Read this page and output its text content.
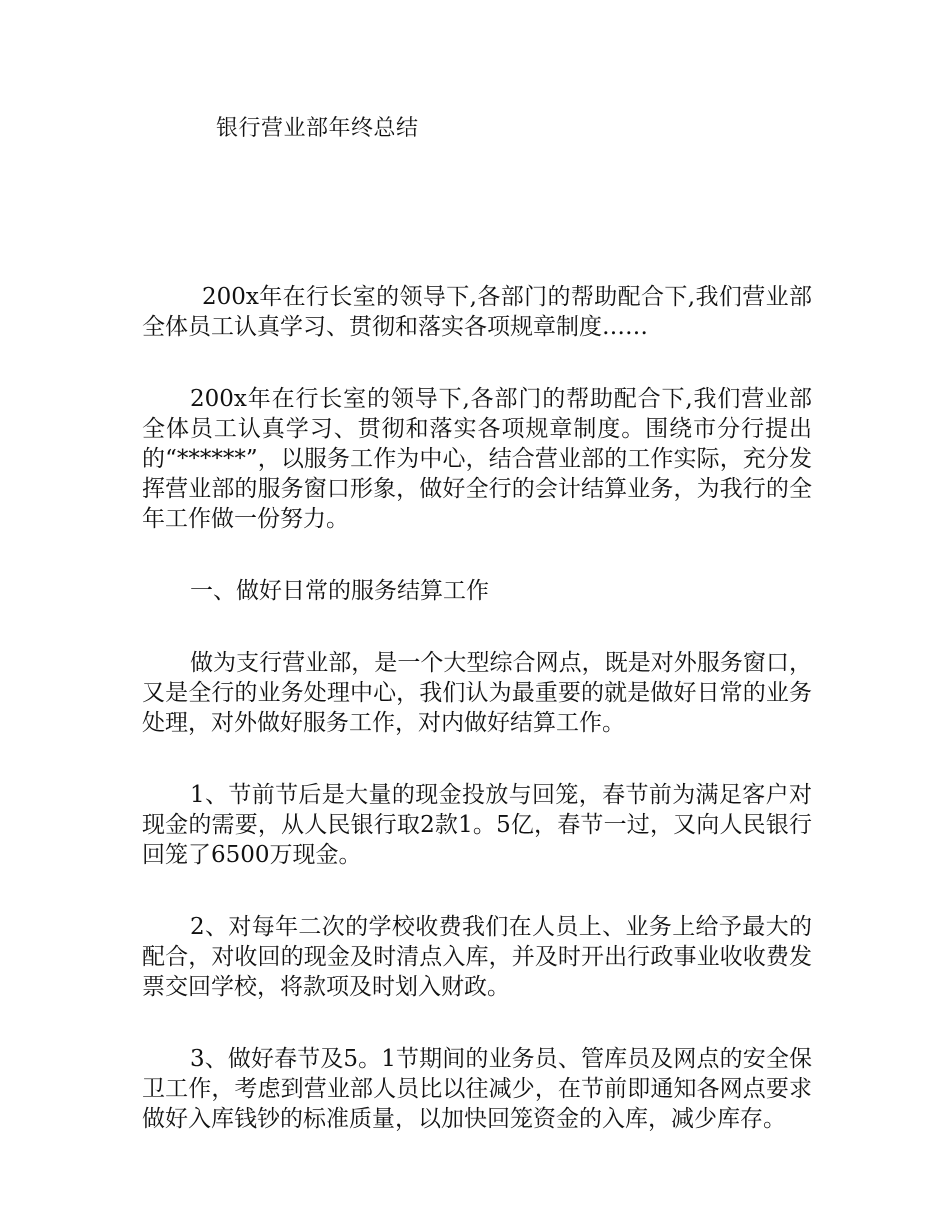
银行营业部年终总结

200x年在行长室的领导下,各部门的帮助配合下,我们营业部全体员工认真学习、贯彻和落实各项规章制度……

200x年在行长室的领导下,各部门的帮助配合下,我们营业部全体员工认真学习、贯彻和落实各项规章制度。围绕市分行提出的“******”，以服务工作为中心，结合营业部的工作实际，充分发挥营业部的服务窗口形象，做好全行的会计结算业务，为我行的全年工作做一份努力。

一、做好日常的服务结算工作

做为支行营业部，是一个大型综合网点，既是对外服务窗口，又是全行的业务处理中心，我们认为最重要的就是做好日常的业务处理，对外做好服务工作，对内做好结算工作。

1、节前节后是大量的现金投放与回笼，春节前为满足客户对现金的需要，从人民银行取2款1。5亿，春节一过，又向人民银行回笼了6500万现金。

2、对每年二次的学校收费我们在人员上、业务上给予最大的配合，对收回的现金及时清点入库，并及时开出行政事业收收费发票交回学校，将款项及时划入财政。

3、做好春节及5。1节期间的业务员、管库员及网点的安全保卫工作，考虑到营业部人员比以往减少，在节前即通知各网点要求做好入库钱钞的标准质量，以加快回笼资金的入库，减少库存。
